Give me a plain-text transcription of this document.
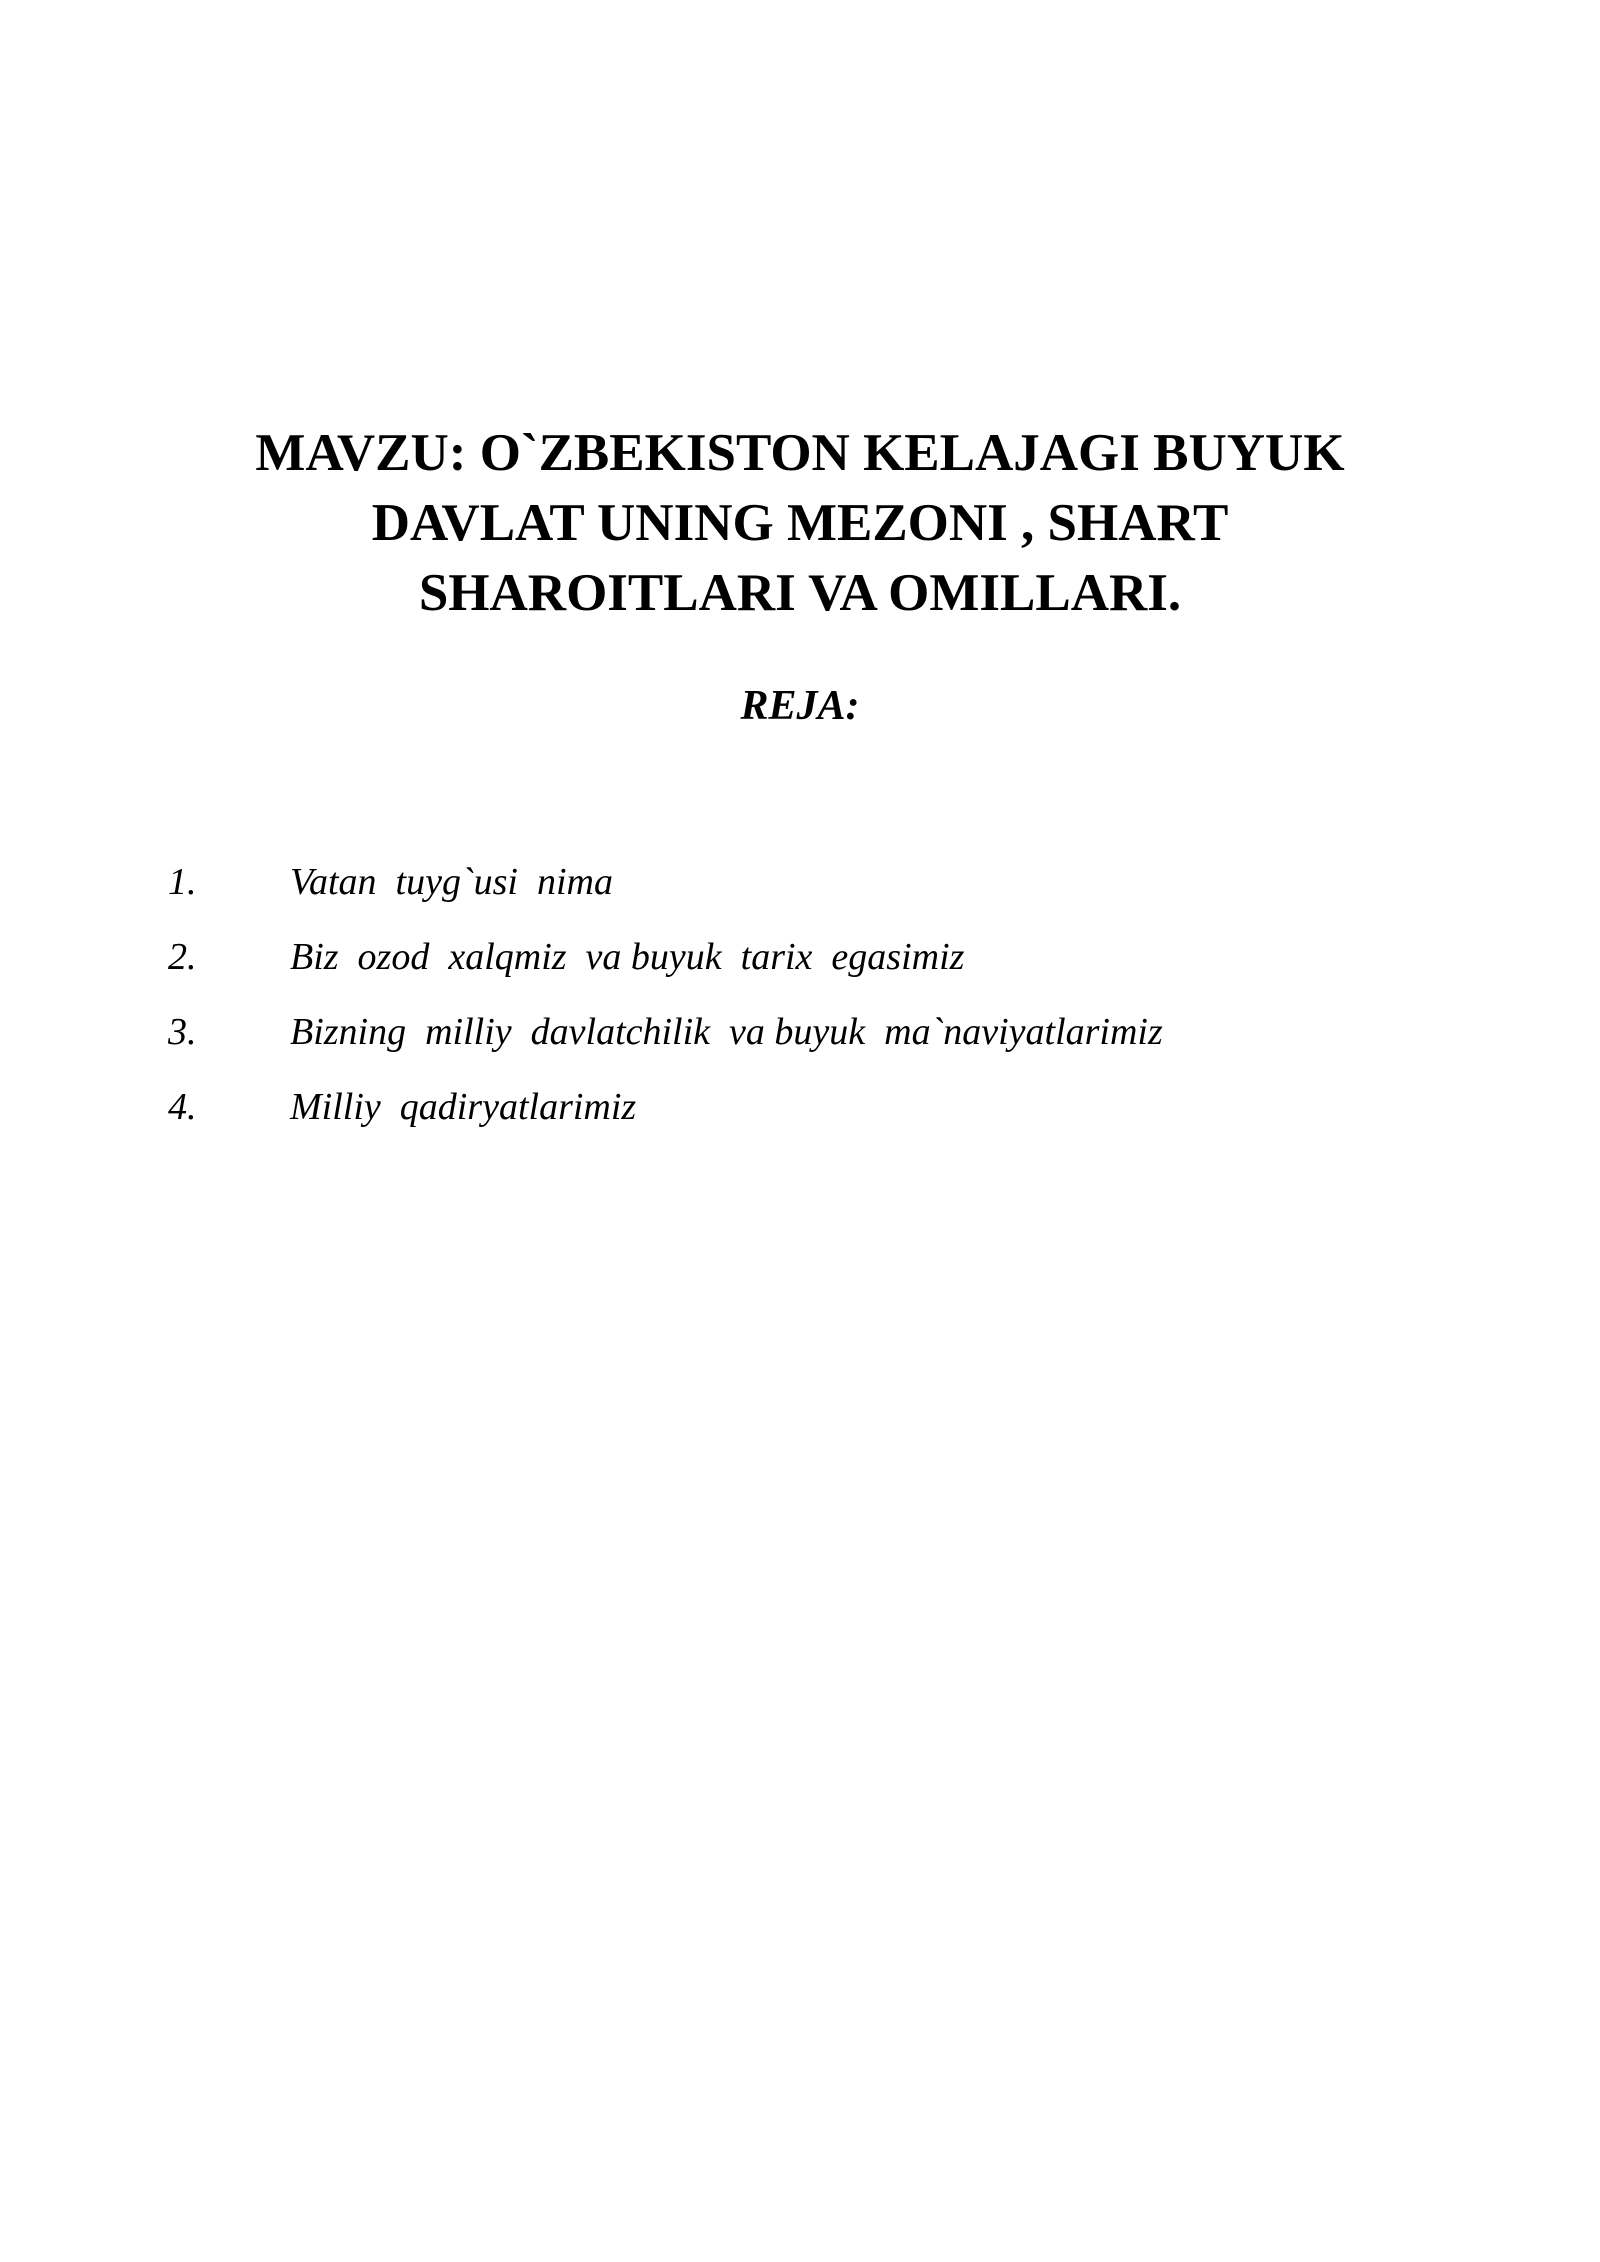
MAVZU: O`ZBEKISTON KELAJAGI BUYUK
DAVLAT UNING MEZONI , SHART
SHAROITLARI VA OMILLARI.
REJA:

1.

Vatan  tuyg`usi  nima

2.

Biz  ozod  xalqmiz  va buyuk  tarix  egasimiz

3.

Bizning  milliy  davlatchilik  va buyuk  ma`naviyatlarimiz

4.

Milliy  qadiryatlarimiz
